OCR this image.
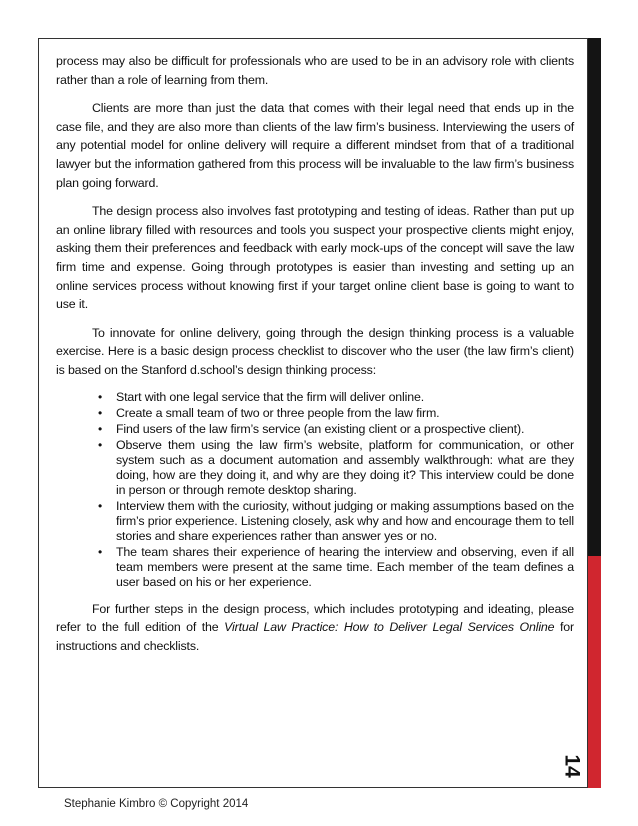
process may also be difficult for professionals who are used to be in an advisory role with clients rather than a role of learning from them.

Clients are more than just the data that comes with their legal need that ends up in the case file, and they are also more than clients of the law firm’s business. Interviewing the users of any potential model for online delivery will require a different mindset from that of a traditional lawyer but the information gathered from this process will be invaluable to the law firm’s business plan going forward.

The design process also involves fast prototyping and testing of ideas. Rather than put up an online library filled with resources and tools you suspect your prospective clients might enjoy, asking them their preferences and feedback with early mock-ups of the concept will save the law firm time and expense. Going through prototypes is easier than investing and setting up an online services process without knowing first if your target online client base is going to want to use it.

To innovate for online delivery, going through the design thinking process is a valuable exercise. Here is a basic design process checklist to discover who the user (the law firm’s client) is based on the Stanford d.school’s design thinking process:

• Start with one legal service that the firm will deliver online.
• Create a small team of two or three people from the law firm.
• Find users of the law firm’s service (an existing client or a prospective client).
• Observe them using the law firm’s website, platform for communication, or other system such as a document automation and assembly walkthrough: what are they doing, how are they doing it, and why are they doing it? This interview could be done in person or through remote desktop sharing.
• Interview them with the curiosity, without judging or making assumptions based on the firm’s prior experience. Listening closely, ask why and how and encourage them to tell stories and share experiences rather than answer yes or no.
• The team shares their experience of hearing the interview and observing, even if all team members were present at the same time. Each member of the team defines a user based on his or her experience.

For further steps in the design process, which includes prototyping and ideating, please refer to the full edition of the Virtual Law Practice: How to Deliver Legal Services Online for instructions and checklists.

14
Stephanie Kimbro © Copyright 2014
